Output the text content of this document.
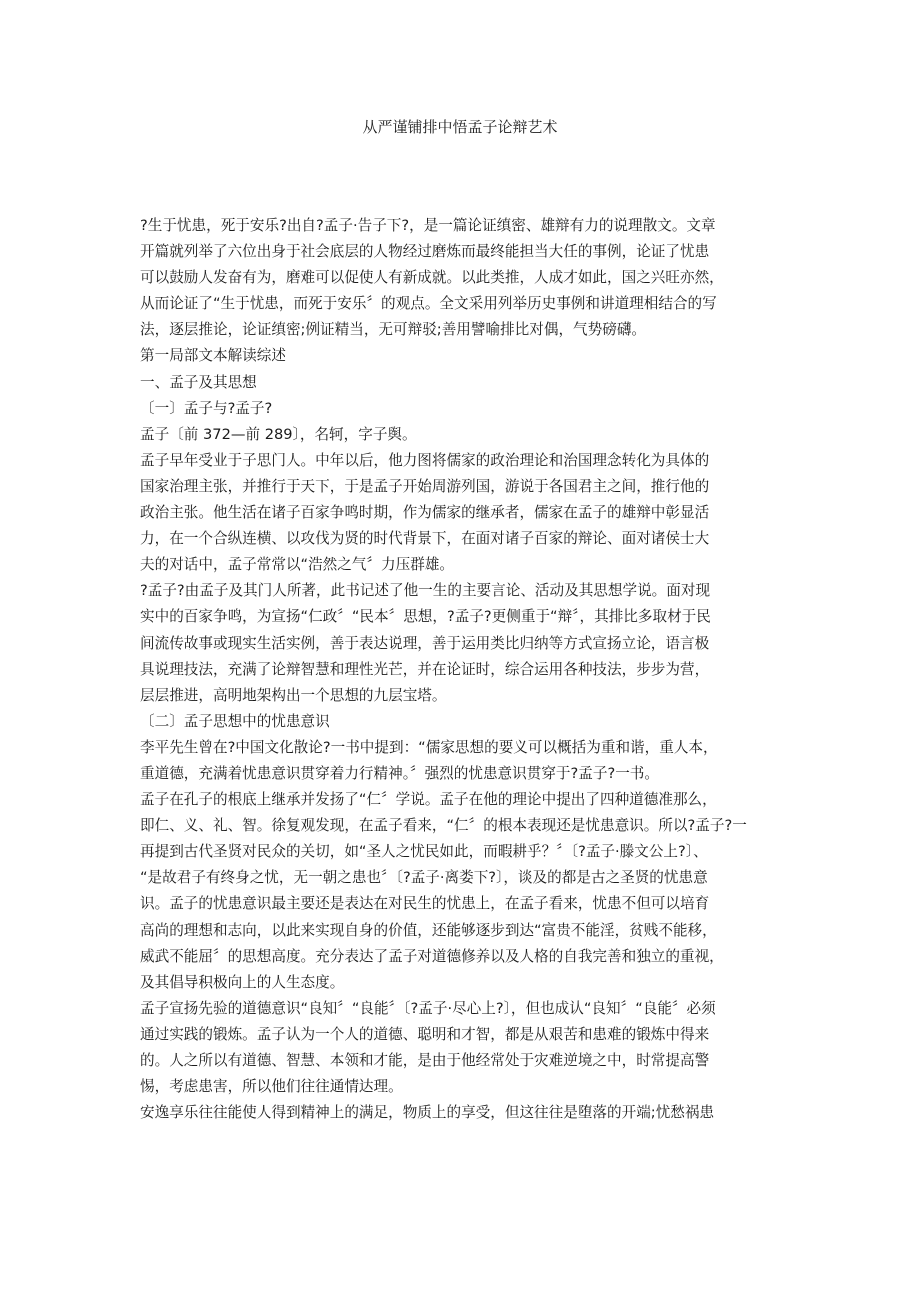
从严谨铺排中悟孟子论辩艺术
?生于忧患，死于安乐?出自?孟子·告子下?，是一篇论证缜密、雄辩有力的说理散文。文章
开篇就列举了六位出身于社会底层的人物经过磨炼而最终能担当大任的事例，论证了忧患
可以鼓励人发奋有为，磨难可以促使人有新成就。以此类推，人成才如此，国之兴旺亦然，
从而论证了“生于忧患，而死于安乐〞的观点。全文采用列举历史事例和讲道理相结合的写
法，逐层推论，论证缜密;例证精当，无可辩驳;善用譬喻排比对偶，气势磅礴。
第一局部文本解读综述
一、孟子及其思想
〔一〕孟子与?孟子?
孟子〔前 372—前 289〕，名轲，字子舆。
孟子早年受业于子思门人。中年以后，他力图将儒家的政治理论和治国理念转化为具体的
国家治理主张，并推行于天下，于是孟子开始周游列国，游说于各国君主之间，推行他的
政治主张。他生活在诸子百家争鸣时期，作为儒家的继承者，儒家在孟子的雄辩中彰显活
力，在一个合纵连横、以攻伐为贤的时代背景下，在面对诸子百家的辩论、面对诸侯士大
夫的对话中，孟子常常以“浩然之气〞力压群雄。
?孟子?由孟子及其门人所著，此书记述了他一生的主要言论、活动及其思想学说。面对现
实中的百家争鸣，为宣扬“仁政〞“民本〞思想，?孟子?更侧重于“辩〞，其排比多取材于民
间流传故事或现实生活实例，善于表达说理，善于运用类比归纳等方式宣扬立论，语言极
具说理技法，充满了论辩智慧和理性光芒，并在论证时，综合运用各种技法，步步为营，
层层推进，高明地架构出一个思想的九层宝塔。
〔二〕孟子思想中的忧患意识
李平先生曾在?中国文化散论?一书中提到：“儒家思想的要义可以概括为重和谐，重人本，
重道德，充满着忧患意识贯穿着力行精神。〞强烈的忧患意识贯穿于?孟子?一书。
孟子在孔子的根底上继承并发扬了“仁〞学说。孟子在他的理论中提出了四种道德准那么，
即仁、义、礼、智。徐复观发现，在孟子看来，“仁〞的根本表现还是忧患意识。所以?孟子?一
再提到古代圣贤对民众的关切，如“圣人之忧民如此，而暇耕乎？〞〔?孟子·滕文公上?〕、
“是故君子有终身之忧，无一朝之患也〞〔?孟子·离娄下?〕，谈及的都是古之圣贤的忧患意
识。孟子的忧患意识最主要还是表达在对民生的忧患上，在孟子看来，忧患不但可以培育
高尚的理想和志向，以此来实现自身的价值，还能够逐步到达“富贵不能淫，贫贱不能移，
威武不能屈〞的思想高度。充分表达了孟子对道德修养以及人格的自我完善和独立的重视，
及其倡导积极向上的人生态度。
孟子宣扬先验的道德意识“良知〞“良能〞〔?孟子·尽心上?〕，但也成认“良知〞“良能〞必须
通过实践的锻炼。孟子认为一个人的道德、聪明和才智，都是从艰苦和患难的锻炼中得来
的。人之所以有道德、智慧、本领和才能，是由于他经常处于灾难逆境之中，时常提高警
惕，考虑患害，所以他们往往通情达理。
安逸享乐往往能使人得到精神上的满足，物质上的享受，但这往往是堕落的开端;忧愁祸患
